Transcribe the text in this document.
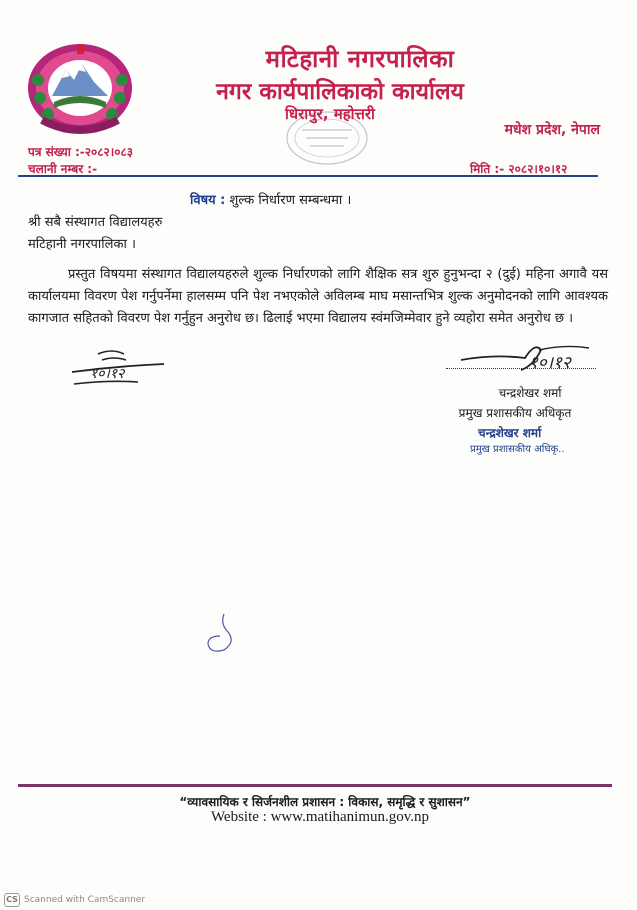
मटिहानी नगरपालिका
नगर कार्यपालिकाको कार्यालय
धिरापुर, महोत्तरी
मधेश प्रदेश, नेपाल
पत्र संख्या :-२०८२।०८३
चलानी नम्बर :-	मिति :- २०८२।१०।१२
विषय : शुल्क निर्धारण सम्बन्धमा ।
श्री सबै संस्थागत विद्यालयहरु
मटिहानी नगरपालिका ।
प्रस्तुत विषयमा संस्थागत विद्यालयहरुले शुल्क निर्धारणको लागि शैक्षिक सत्र शुरु हुनुभन्दा २ (दुई) महिना अगावै यस कार्यालयमा विवरण पेश गर्नुपर्नेमा हालसम्म पनि पेश नभएकोले अविलम्ब माघ मसान्तभित्र शुल्क अनुमोदनको लागि आवश्यक कागजात सहितको विवरण पेश गर्नुहुन अनुरोध छ। ढिलाई भएमा विद्यालय स्वंमजिम्मेवार हुने व्यहोरा समेत अनुरोध छ ।
१०।१२
१०।१२
चन्द्रशेखर शर्मा
प्रमुख प्रशासकीय अधिकृत
चन्द्रशेखर शर्मा
प्रमुख प्रशासकीय अधिकृ..
“व्यावसायिक र सिर्जनशील प्रशासन : विकास, समृद्धि र सुशासन”
Website : www.matihanimun.gov.np
CS Scanned with CamScanner
